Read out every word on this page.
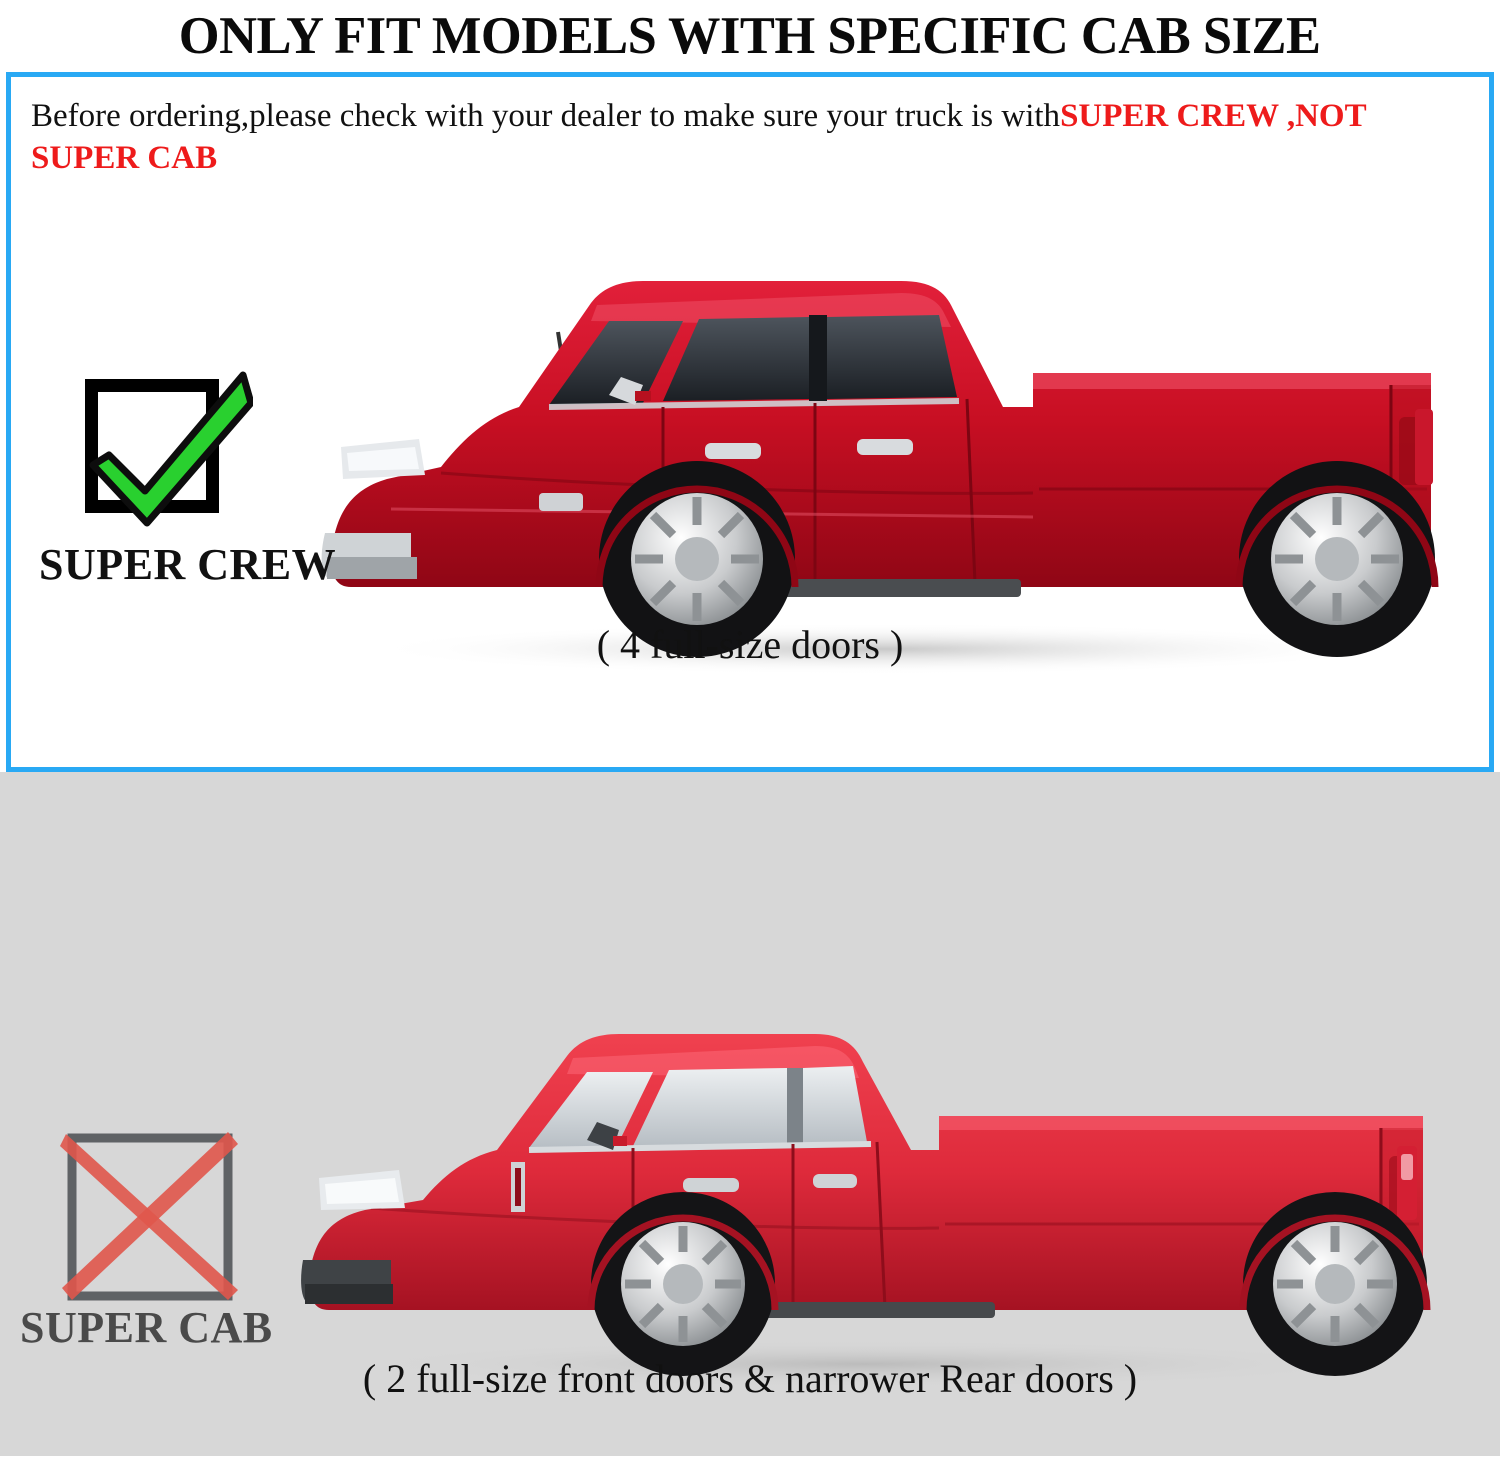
ONLY FIT MODELS WITH SPECIFIC CAB SIZE
Before ordering,please check with your dealer to make sure your truck is withSUPER CREW ,NOT SUPER CAB
SUPER CREW
( 4 full-size doors )
SUPER CAB
( 2 full-size front doors & narrower Rear doors )
